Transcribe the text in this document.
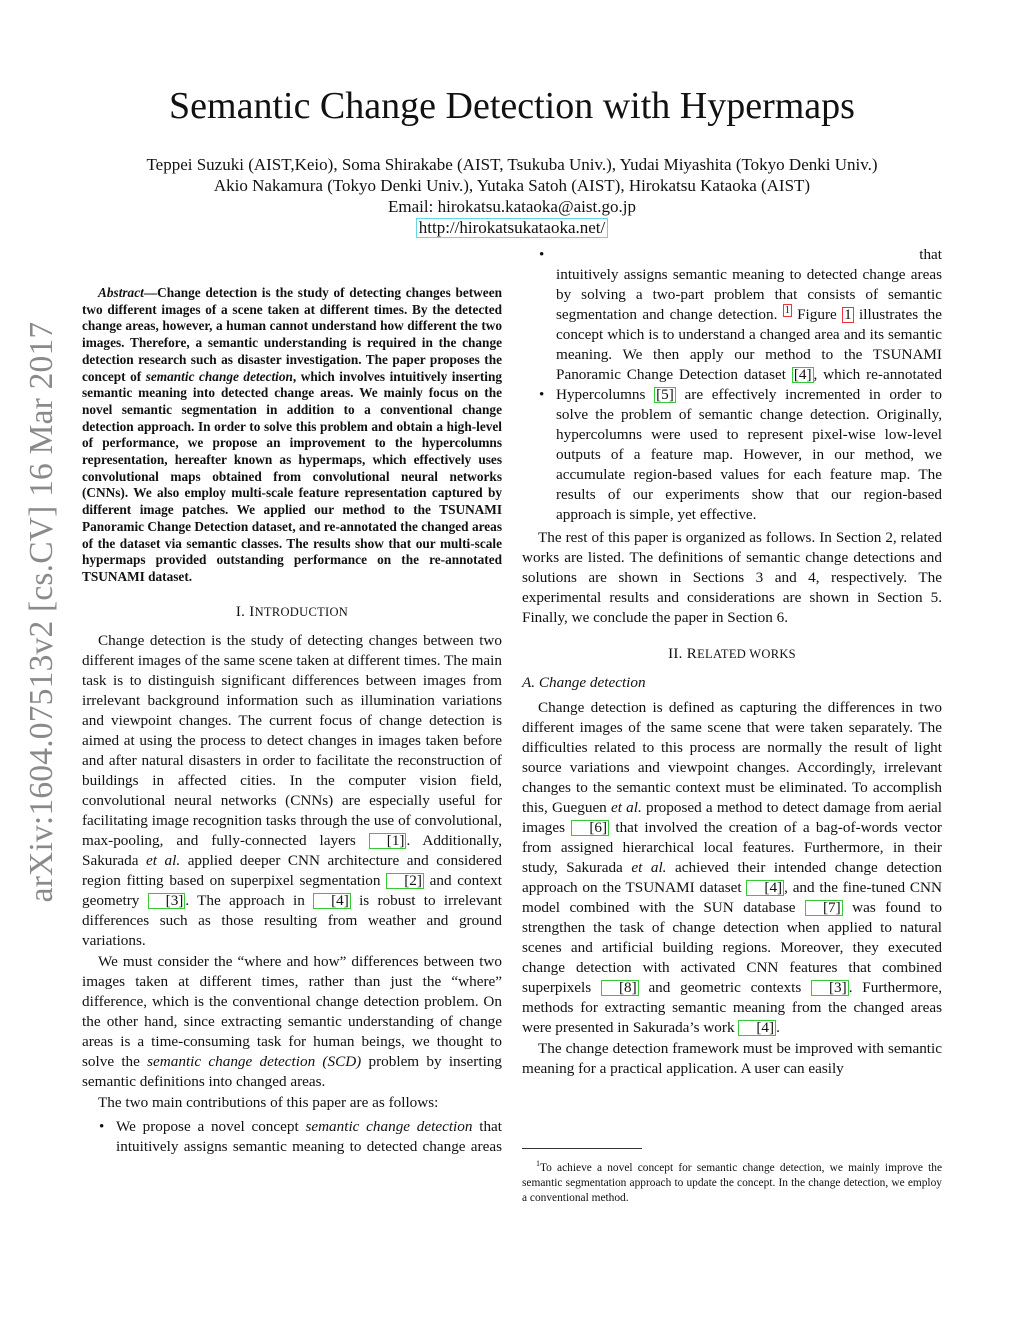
arXiv:1604.07513v2 [cs.CV] 16 Mar 2017
Semantic Change Detection with Hypermaps
Teppei Suzuki (AIST,Keio), Soma Shirakabe (AIST, Tsukuba Univ.), Yudai Miyashita (Tokyo Denki Univ.)
Akio Nakamura (Tokyo Denki Univ.), Yutaka Satoh (AIST), Hirokatsu Kataoka (AIST)
Email: hirokatsu.kataoka@aist.go.jp
http://hirokatsukataoka.net/

Abstract—Change detection is the study of detecting changes between two different images of a scene taken at different times. By the detected change areas, however, a human cannot understand how different the two images. Therefore, a semantic understanding is required in the change detection research such as disaster investigation. The paper proposes the concept of semantic change detection, which involves intuitively inserting semantic meaning into detected change areas. We mainly focus on the novel semantic segmentation in addition to a conventional change detection approach. In order to solve this problem and obtain a high-level of performance, we propose an improvement to the hypercolumns representation, hereafter known as hypermaps, which effectively uses convolutional maps obtained from convolutional neural networks (CNNs). We also employ multi-scale feature representation captured by different image patches. We applied our method to the TSUNAMI Panoramic Change Detection dataset, and re-annotated the changed areas of the dataset via semantic classes. The results show that our multi-scale hypermaps provided outstanding performance on the re-annotated TSUNAMI dataset.

I. INTRODUCTION

Change detection is the study of detecting changes between two different images of the same scene taken at different times. The main task is to distinguish significant differences between images from irrelevant background information such as illumination variations and viewpoint changes. The current focus of change detection is aimed at using the process to detect changes in images taken before and after natural disasters in order to facilitate the reconstruction of buildings in affected cities. In the computer vision field, convolutional neural networks (CNNs) are especially useful for facilitating image recognition tasks through the use of convolutional, max-pooling, and fully-connected layers [1] . Additionally, Sakurada et al. applied deeper CNN architecture and considered region fitting based on superpixel segmentation [2] and context geometry [3] . The approach in [4] is robust to irrelevant differences such as those resulting from weather and ground variations.

We must consider the “where and how” differences between two images taken at different times, rather than just the “where” difference, which is the conventional change detection problem. On the other hand, since extracting semantic understanding of change areas is a time-consuming task for human beings, we thought to solve the semantic change detection (SCD) problem by inserting semantic definitions into changed areas.

The two main contributions of this paper are as follows:

• We propose a novel concept semantic change detection that intuitively assigns semantic meaning to detected change areas
• that intuitively assigns semantic meaning to detected change areas by solving a two-part problem that consists of semantic segmentation and change detection. $^1$ Figure 1 illustrates the concept which is to understand a changed area and its semantic meaning. We then apply our method to the TSUNAMI Panoramic Change Detection dataset [4] , which re-annotated
• Hypercolumns [5] are effectively incremented in order to solve the problem of semantic change detection. Originally, hypercolumns were used to represent pixel-wise low-level outputs of a feature map. However, in our method, we accumulate region-based values for each feature map. The results of our experiments show that our region-based approach is simple, yet effective.

The rest of this paper is organized as follows. In Section 2, related works are listed. The definitions of semantic change detections and solutions are shown in Sections 3 and 4, respectively. The experimental results and considerations are shown in Section 5. Finally, we conclude the paper in Section 6.

II. RELATED WORKS
A. Change detection

Change detection is defined as capturing the differences in two different images of the same scene that were taken separately. The difficulties related to this process are normally the result of light source variations and viewpoint changes. Accordingly, irrelevant changes to the semantic context must be eliminated. To accomplish this, Gueguen et al. proposed a method to detect damage from aerial images [6] that involved the creation of a bag-of-words vector from assigned hierarchical local features. Furthermore, in their study, Sakurada et al. achieved their intended change detection approach on the TSUNAMI dataset [4] , and the fine-tuned CNN model combined with the SUN database [7] was found to strengthen the task of change detection when applied to natural scenes and artificial building regions. Moreover, they executed change detection with activated CNN features that combined superpixels [8] and geometric contexts [3] . Furthermore, methods for extracting semantic meaning from the changed areas were presented in Sakurada’s work [4] .

The change detection framework must be improved with semantic meaning for a practical application. A user can easily

$^1$To achieve a novel concept for semantic change detection, we mainly improve the semantic segmentation approach to update the concept. In the change detection, we employ a conventional method.
